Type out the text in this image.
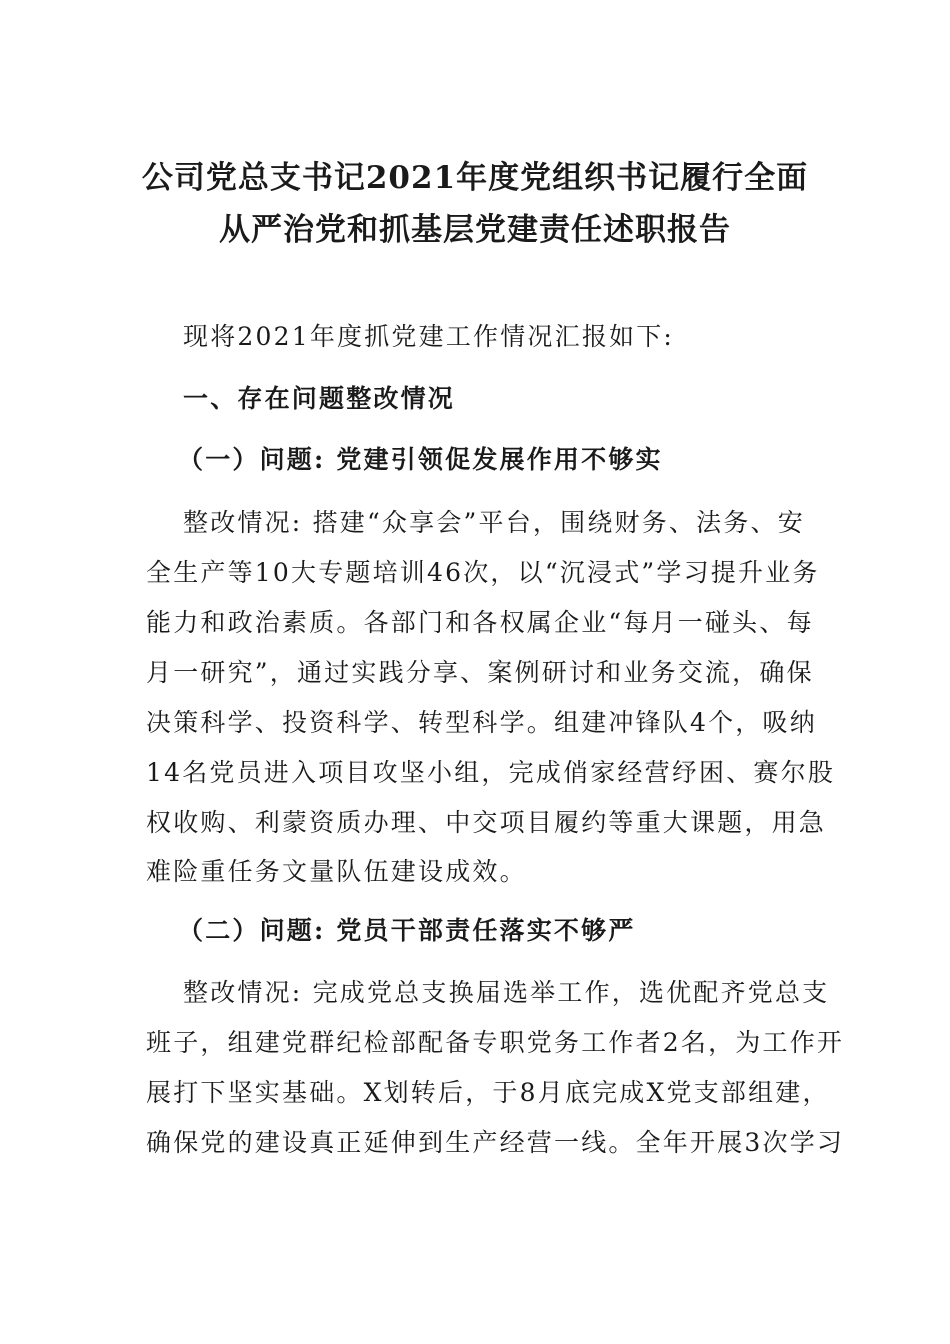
公司党总支书记2021年度党组织书记履行全面
从严治党和抓基层党建责任述职报告
现将2021年度抓党建工作情况汇报如下:
一、存在问题整改情况
（一）问题: 党建引领促发展作用不够实
整改情况: 搭建“众享会”平台，围绕财务、法务、安
全生产等10大专题培训46次，以“沉浸式”学习提升业务
能力和政治素质。各部门和各权属企业“每月一碰头、每
月一研究”，通过实践分享、案例研讨和业务交流，确保
决策科学、投资科学、转型科学。组建冲锋队4个，吸纳
14名党员进入项目攻坚小组，完成俏家经营纾困、赛尔股
权收购、利蒙资质办理、中交项目履约等重大课题，用急
难险重任务文量队伍建设成效。
（二）问题: 党员干部责任落实不够严
整改情况: 完成党总支换届选举工作，选优配齐党总支
班子，组建党群纪检部配备专职党务工作者2名，为工作开
展打下坚实基础。X划转后，于8月底完成X党支部组建，
确保党的建设真正延伸到生产经营一线。全年开展3次学习
